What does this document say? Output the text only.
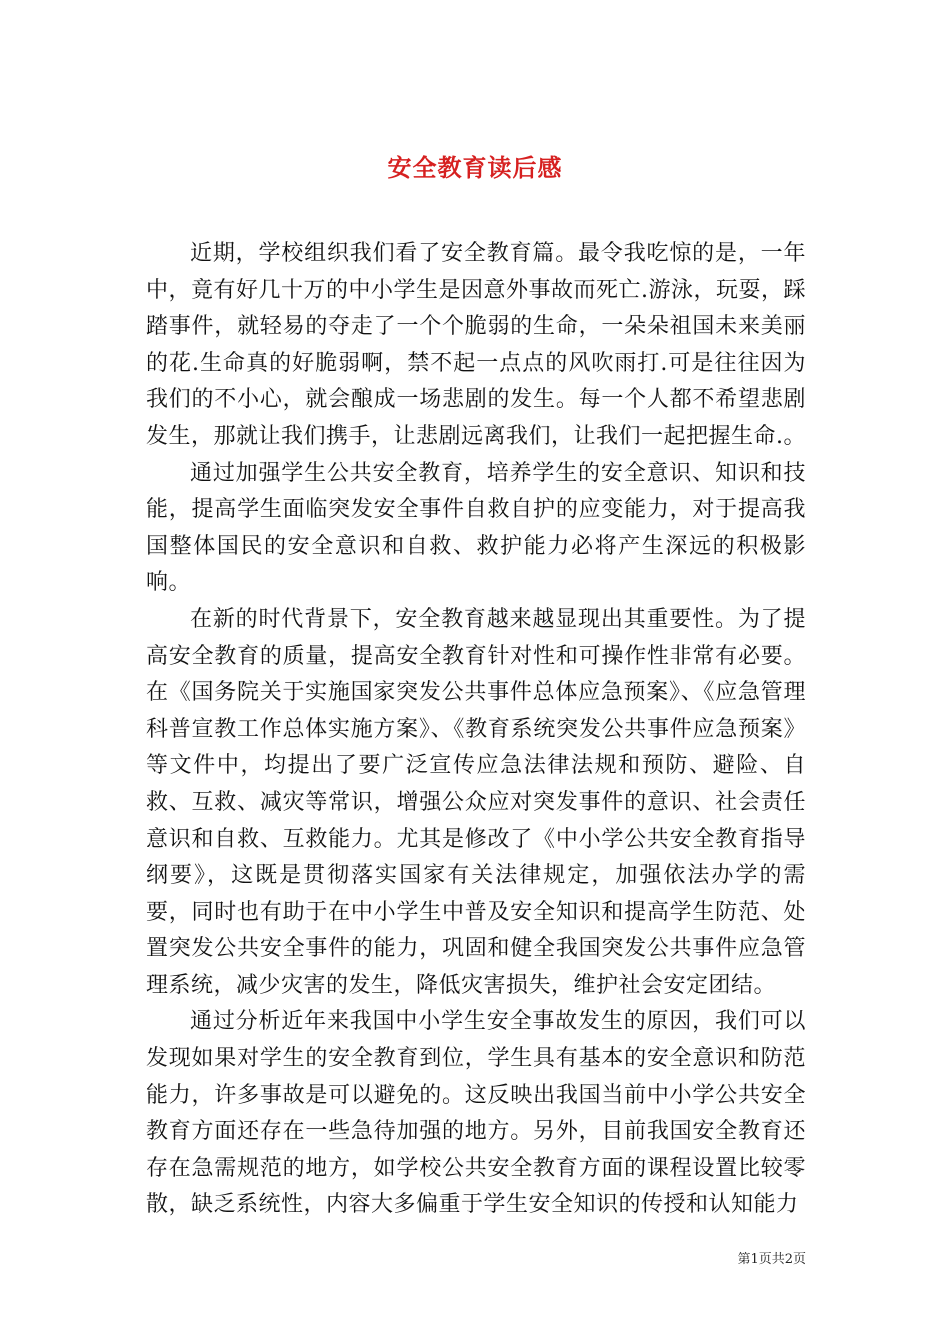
安全教育读后感

近期，学校组织我们看了安全教育篇。最令我吃惊的是，一年中，竟有好几十万的中小学生是因意外事故而死亡.游泳，玩耍，踩踏事件，就轻易的夺走了一个个脆弱的生命，一朵朵祖国未来美丽的花.生命真的好脆弱啊，禁不起一点点的风吹雨打.可是往往因为我们的不小心，就会酿成一场悲剧的发生。每一个人都不希望悲剧发生，那就让我们携手，让悲剧远离我们，让我们一起把握生命.。

通过加强学生公共安全教育，培养学生的安全意识、知识和技能，提高学生面临突发安全事件自救自护的应变能力，对于提高我国整体国民的安全意识和自救、救护能力必将产生深远的积极影响。

在新的时代背景下，安全教育越来越显现出其重要性。为了提高安全教育的质量，提高安全教育针对性和可操作性非常有必要。在《国务院关于实施国家突发公共事件总体应急预案》、《应急管理科普宣教工作总体实施方案》、《教育系统突发公共事件应急预案》等文件中，均提出了要广泛宣传应急法律法规和预防、避险、自救、互救、减灾等常识，增强公众应对突发事件的意识、社会责任意识和自救、互救能力。尤其是修改了《中小学公共安全教育指导纲要》，这既是贯彻落实国家有关法律规定，加强依法办学的需要，同时也有助于在中小学生中普及安全知识和提高学生防范、处置突发公共安全事件的能力，巩固和健全我国突发公共事件应急管理系统，减少灾害的发生，降低灾害损失，维护社会安定团结。

通过分析近年来我国中小学生安全事故发生的原因，我们可以发现如果对学生的安全教育到位，学生具有基本的安全意识和防范能力，许多事故是可以避免的。这反映出我国当前中小学公共安全教育方面还存在一些急待加强的地方。另外，目前我国安全教育还存在急需规范的地方，如学校公共安全教育方面的课程设置比较零散，缺乏系统性，内容大多偏重于学生安全知识的传授和认知能力

第1页共2页
